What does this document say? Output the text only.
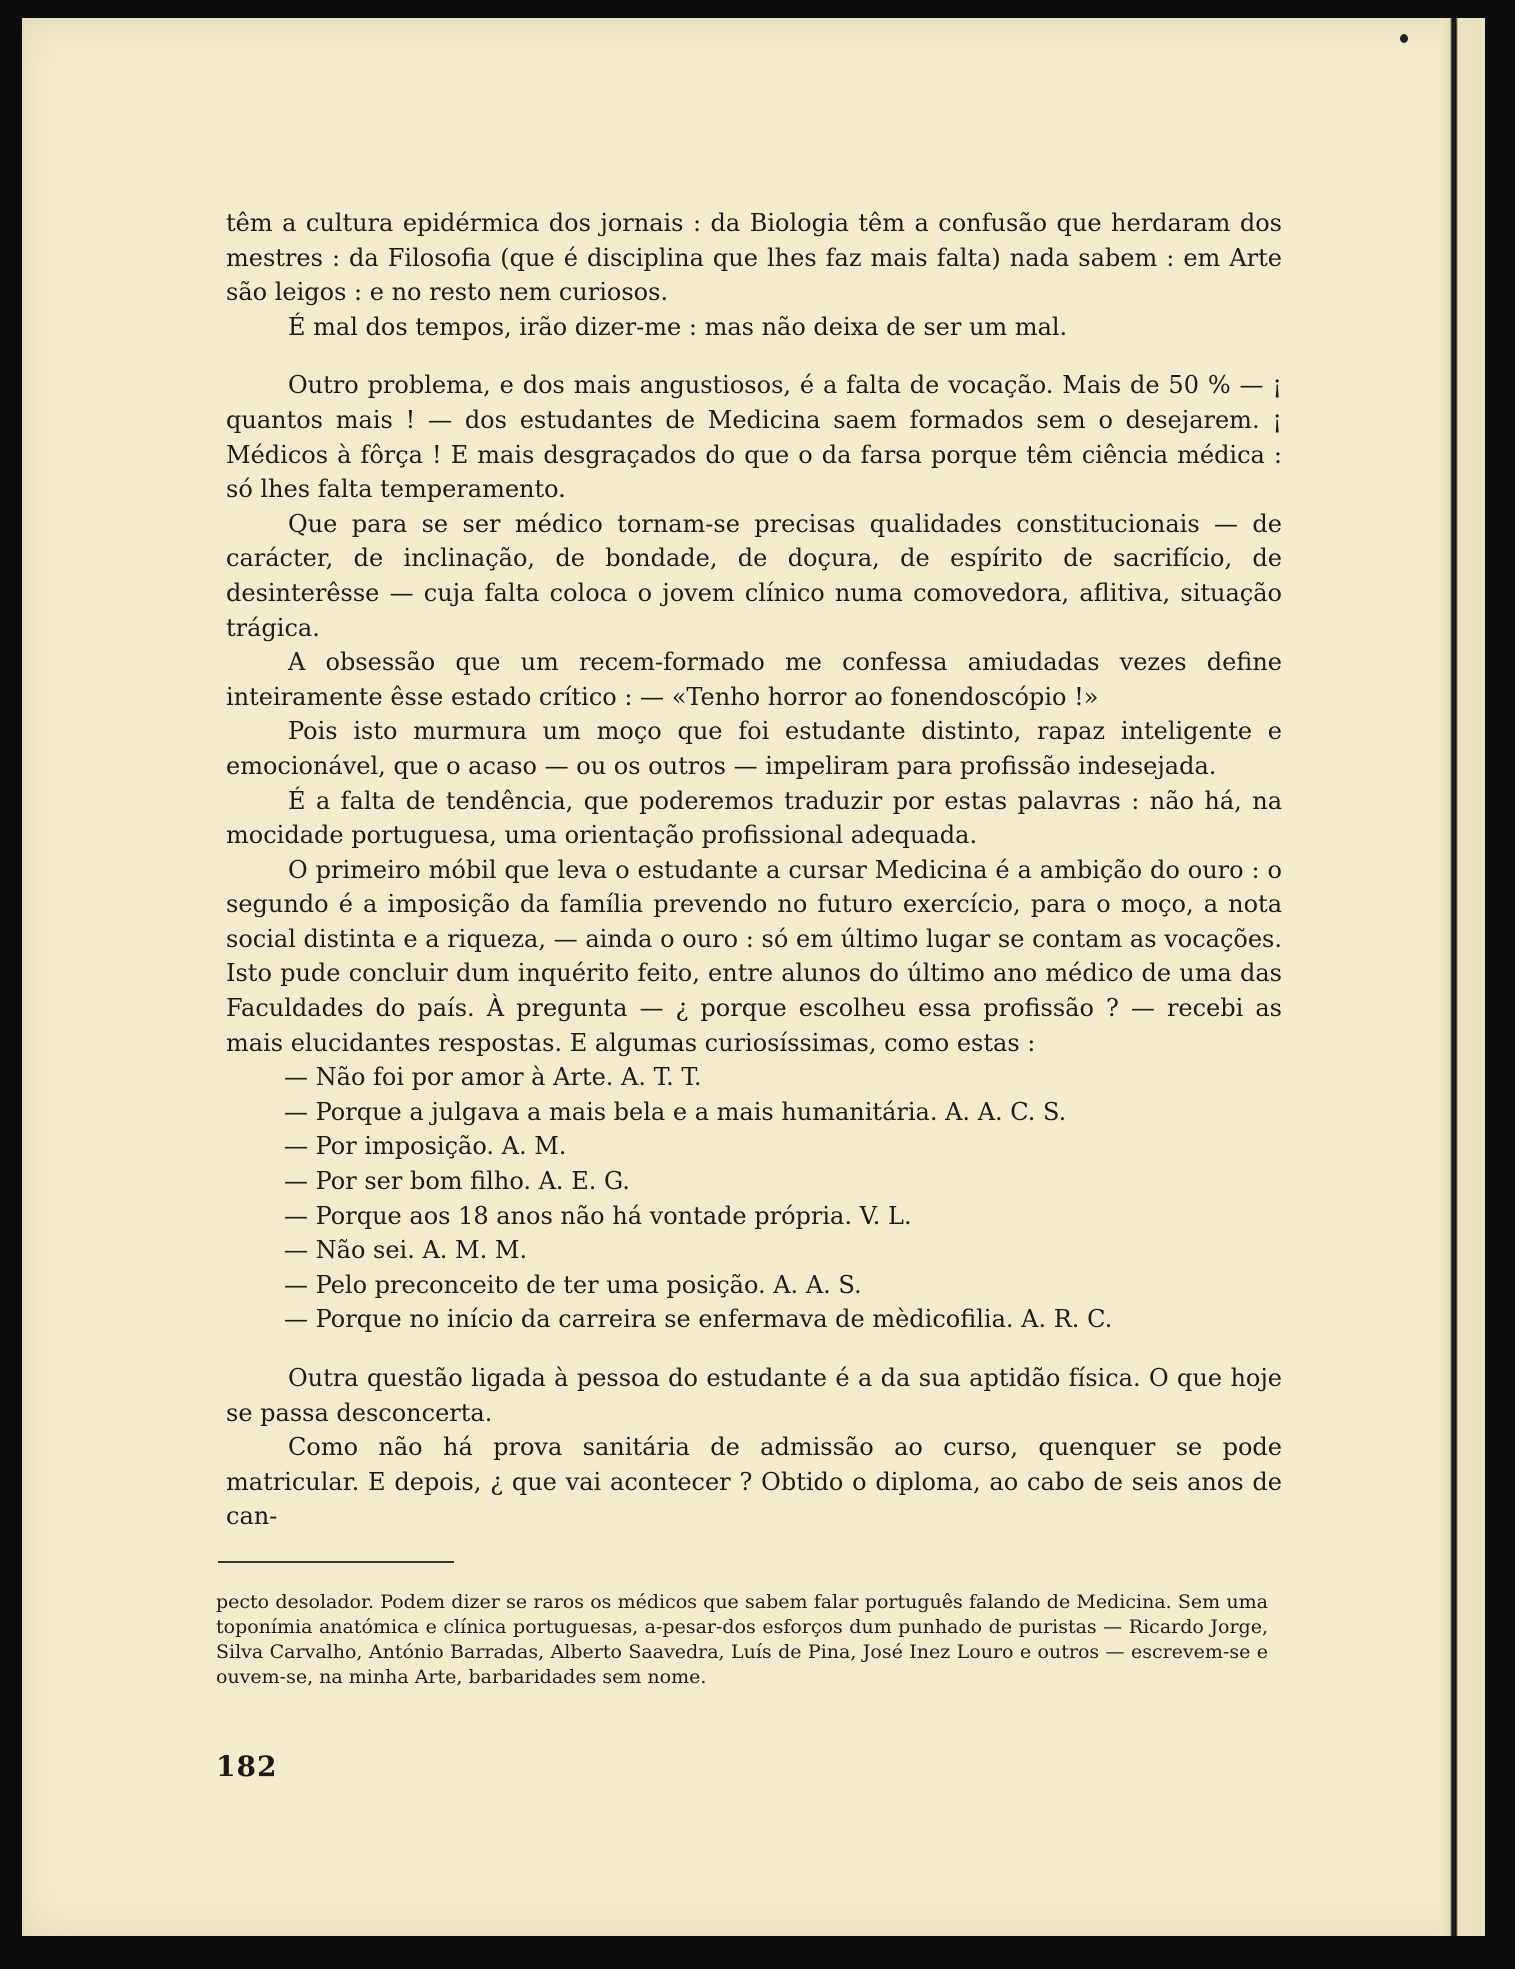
têm a cultura epidérmica dos jornais : da Biologia têm a confusão que herdaram dos mestres : da Filosofia (que é disciplina que lhes faz mais falta) nada sabem : em Arte são leigos : e no resto nem curiosos.

É mal dos tempos, irão dizer-me : mas não deixa de ser um mal.

Outro problema, e dos mais angustiosos, é a falta de vocação. Mais de 50 % — ¡ quantos mais ! — dos estudantes de Medicina saem formados sem o desejarem. ¡ Médicos à fôrça ! E mais desgraçados do que o da farsa porque têm ciência médica : só lhes falta temperamento.

Que para se ser médico tornam-se precisas qualidades constitucionais — de carácter, de inclinação, de bondade, de doçura, de espírito de sacrifício, de desinterêsse — cuja falta coloca o jovem clínico numa comovedora, aflitiva, situação trágica.

A obsessão que um recem-formado me confessa amiudadas vezes define inteiramente êsse estado crítico : — «Tenho horror ao fonendoscópio !»

Pois isto murmura um moço que foi estudante distinto, rapaz inteligente e emocionável, que o acaso — ou os outros — impeliram para profissão indesejada.

É a falta de tendência, que poderemos traduzir por estas palavras : não há, na mocidade portuguesa, uma orientação profissional adequada.

O primeiro móbil que leva o estudante a cursar Medicina é a ambição do ouro : o segundo é a imposição da família prevendo no futuro exercício, para o moço, a nota social distinta e a riqueza, — ainda o ouro : só em último lugar se contam as vocações. Isto pude concluir dum inquérito feito, entre alunos do último ano médico de uma das Faculdades do país. À pregunta — ¿ porque escolheu essa profissão ? — recebi as mais elucidantes respostas. E algumas curiosíssimas, como estas :

— Não foi por amor à Arte. A. T. T.

— Porque a julgava a mais bela e a mais humanitária. A. A. C. S.

— Por imposição. A. M.

— Por ser bom filho. A. E. G.

— Porque aos 18 anos não há vontade própria. V. L.

— Não sei. A. M. M.

— Pelo preconceito de ter uma posição. A. A. S.

— Porque no início da carreira se enfermava de mèdicofilia. A. R. C.

Outra questão ligada à pessoa do estudante é a da sua aptidão física. O que hoje se passa desconcerta.

Como não há prova sanitária de admissão ao curso, quenquer se pode matricular. E depois, ¿ que vai acontecer ? Obtido o diploma, ao cabo de seis anos de can-

pecto desolador. Podem dizer se raros os médicos que sabem falar português falando de Medicina. Sem uma toponímia anatómica e clínica portuguesas, a-pesar-dos esforços dum punhado de puristas — Ricardo Jorge, Silva Carvalho, António Barradas, Alberto Saavedra, Luís de Pina, José Inez Louro e outros — escrevem-se e ouvem-se, na minha Arte, barbaridades sem nome.
182
